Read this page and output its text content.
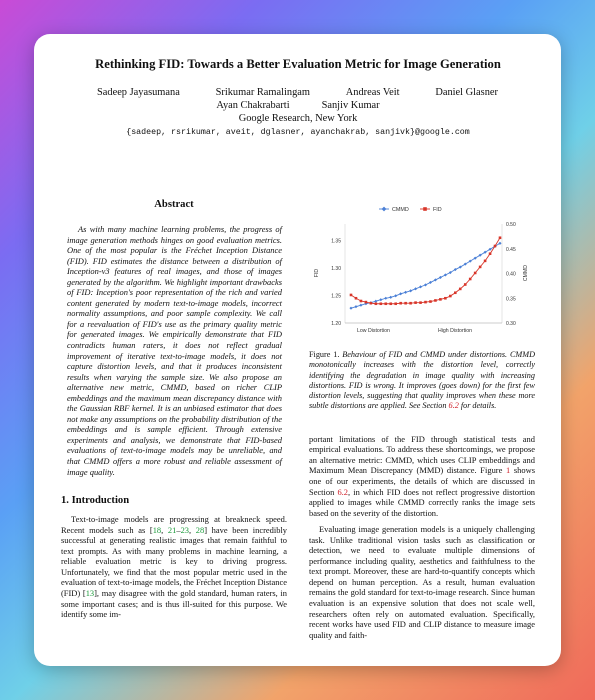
Rethinking FID: Towards a Better Evaluation Metric for Image Generation
Sadeep Jayasumana	Srikumar Ramalingam	Andreas Veit	Daniel Glasner
Ayan Chakrabarti	Sanjiv Kumar
Google Research, New York
{sadeep, rsrikumar, aveit, dglasner, ayanchakrab, sanjivk}@google.com
Abstract

As with many machine learning problems, the progress of image generation methods hinges on good evaluation metrics. One of the most popular is the Fréchet Inception Distance (FID). FID estimates the distance between a distribution of Inception-v3 features of real images, and those of images generated by the algorithm. We highlight important drawbacks of FID: Inception's poor representation of the rich and varied content generated by modern text-to-image models, incorrect normality assumptions, and poor sample complexity. We call for a reevaluation of FID's use as the primary quality metric for generated images. We empirically demonstrate that FID contradicts human raters, it does not reflect gradual improvement of iterative text-to-image models, it does not capture distortion levels, and that it produces inconsistent results when varying the sample size. We also propose an alternative new metric, CMMD, based on richer CLIP embeddings and the maximum mean discrepancy distance with the Gaussian RBF kernel. It is an unbiased estimator that does not make any assumptions on the probability distribution of the embeddings and is sample efficient. Through extensive experiments and analysis, we demonstrate that FID-based evaluations of text-to-image models may be unreliable, and that CMMD offers a more robust and reliable assessment of image quality.

1. Introduction

Text-to-image models are progressing at breakneck speed. Recent models such as [18, 21–23, 28] have been incredibly successful at generating realistic images that remain faithful to text prompts. As with many problems in machine learning, a reliable evaluation metric is key to driving progress. Unfortunately, we find that the most popular metric used in the evaluation of text-to-image models, the Fréchet Inception Distance (FID) [13], may disagree with the gold standard, human raters, in some important cases; and is thus ill-suited for this purpose. We identify some im-

1.20
1.25
1.30
1.35
0.30
0.35
0.40
0.45
0.50
FID	CMMD
Low Distortion	High Distortion
CMMD	FID

Figure 1. Behaviour of FID and CMMD under distortions. CMMD monotonically increases with the distortion level, correctly identifying the degradation in image quality with increasing distortions. FID is wrong. It improves (goes down) for the first few distortion levels, suggesting that quality improves when these more subtle distortions are applied. See Section 6.2 for details.

portant limitations of the FID through statistical tests and empirical evaluations. To address these shortcomings, we propose an alternative metric: CMMD, which uses CLIP embeddings and Maximum Mean Discrepancy (MMD) distance. Figure 1 shows one of our experiments, the details of which are discussed in Section 6.2, in which FID does not reflect progressive distortion applied to images while CMMD correctly ranks the image sets based on the severity of the distortion.

Evaluating image generation models is a uniquely challenging task. Unlike traditional vision tasks such as classification or detection, we need to evaluate multiple dimensions of performance including quality, aesthetics and faithfulness to the text prompt. Moreover, these are hard-to-quantify concepts which depend on human perception. As a result, human evaluation remains the gold standard for text-to-image research. Since human evaluation is an expensive solution that does not scale well, researchers often rely on automated evaluation. Specifically, recent works have used FID and CLIP distance to measure image quality and faith-
